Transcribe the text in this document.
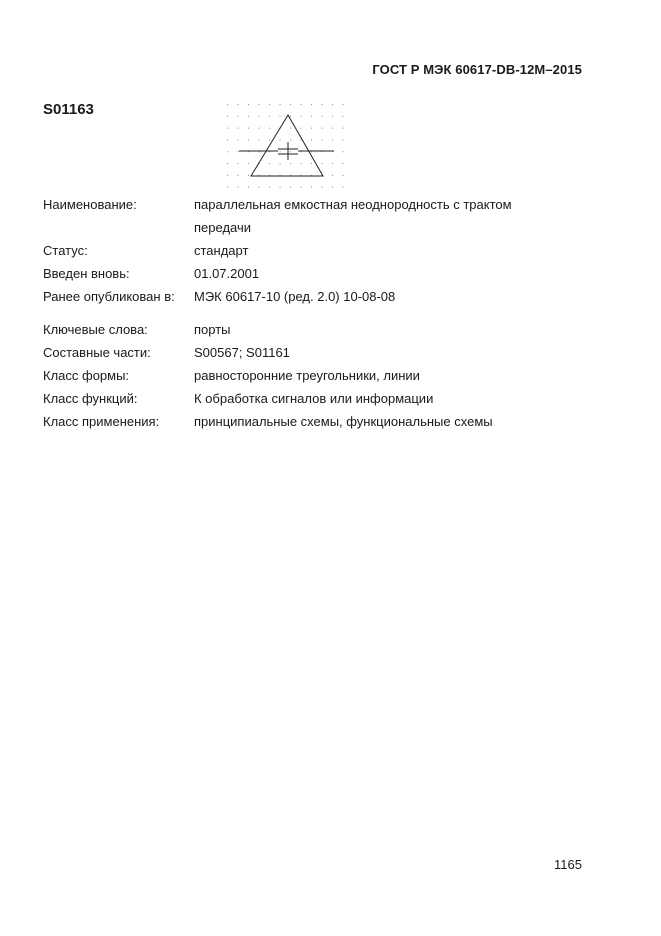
ГОСТ Р МЭК 60617-DB-12M–2015
S01163
Наименование:	параллельная емкостная неоднородность с трактом
передачи
Статус:	стандарт
Введен вновь:	01.07.2001
Ранее опубликован в:	МЭК 60617-10 (ред. 2.0) 10-08-08
Ключевые слова:	порты
Составные части:	S00567; S01161
Класс формы:	равносторонние треугольники, линии
Класс функций:	К обработка сигналов или информации
Класс применения:	принципиальные схемы, функциональные схемы
1165
